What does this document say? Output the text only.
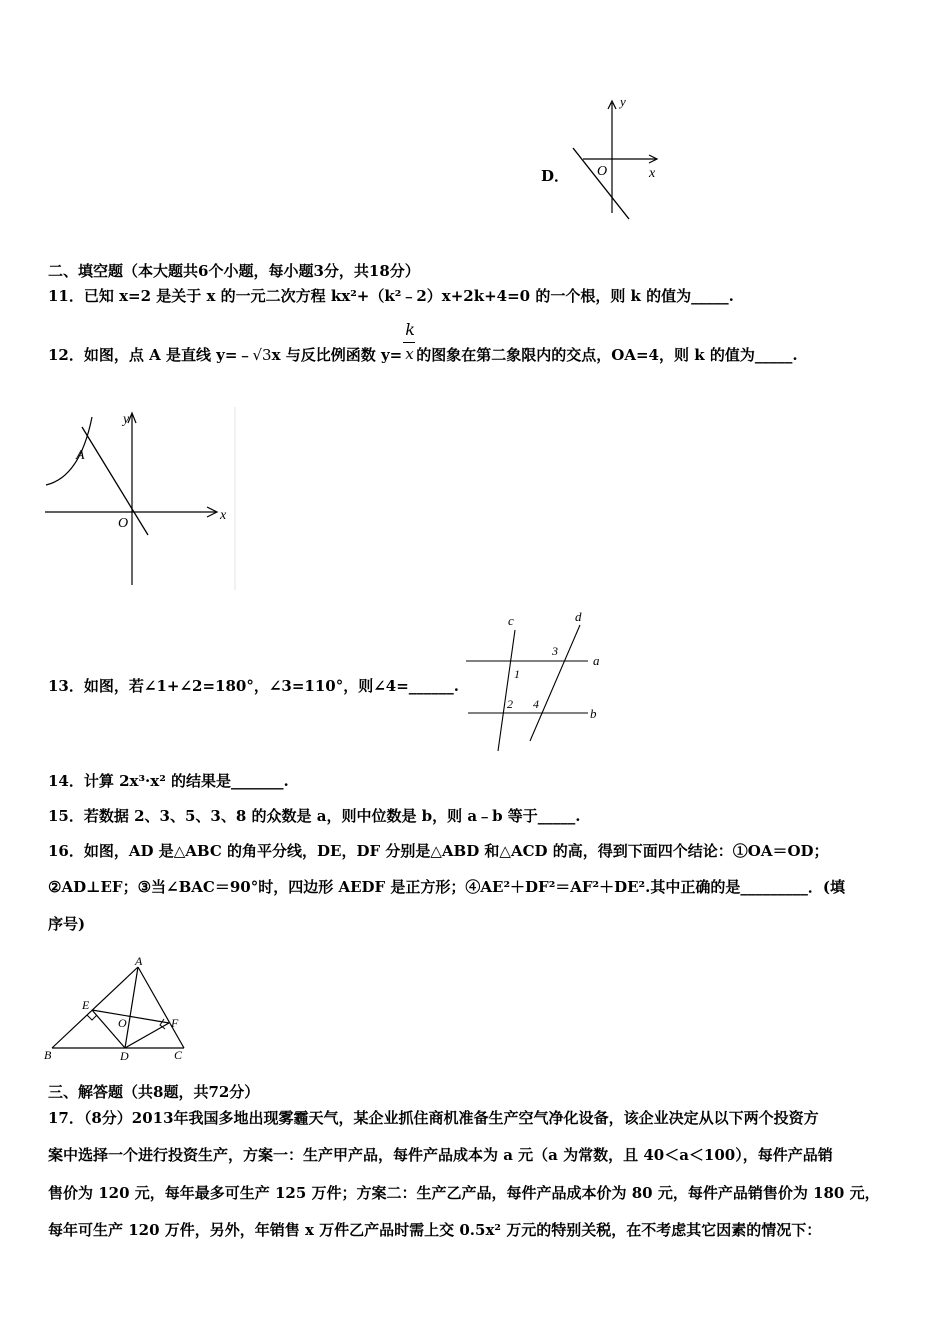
D．
y
x
O
二、填空题（本大题共6个小题，每小题3分，共18分）
11．已知 x=2 是关于 x 的一元二次方程 kx²+（k²﹣2）x+2k+4=0 的一个根，则 k 的值为_____.
12．如图，点 A 是直线 y=﹣√3x 与反比例函数 $y= \frac{k}{x}$ 的图象在第二象限内的交点，OA=4，则 k 的值为_____.
A
y
x
O
c	d
a
b
1
2
3
4
13．如图，若∠1+∠2=180°，∠3=110°，则∠4=______.
14．计算 2x³·x² 的结果是_______.
15．若数据 2、3、5、3、8 的众数是 a，则中位数是 b，则 a﹣b 等于_____.
16．如图，AD 是△ABC 的角平分线，DE，DF 分别是△ABD 和△ACD 的高，得到下面四个结论：①OA＝OD；
②AD⊥EF；③当∠BAC＝90°时，四边形 AEDF 是正方形；④AE²＋DF²＝AF²＋DE².其中正确的是_________．(填
序号)
A
E
F
O
B	D	C
三、解答题（共8题，共72分）
17．（8分）2013年我国多地出现雾霾天气，某企业抓住商机准备生产空气净化设备，该企业决定从以下两个投资方
案中选择一个进行投资生产，方案一：生产甲产品，每件产品成本为 a 元（a 为常数，且 40＜a＜100），每件产品销
售价为 120 元，每年最多可生产 125 万件；方案二：生产乙产品，每件产品成本价为 80 元，每件产品销售价为 180 元，
每年可生产 120 万件，另外，年销售 x 万件乙产品时需上交 0.5x² 万元的特别关税，在不考虑其它因素的情况下：
